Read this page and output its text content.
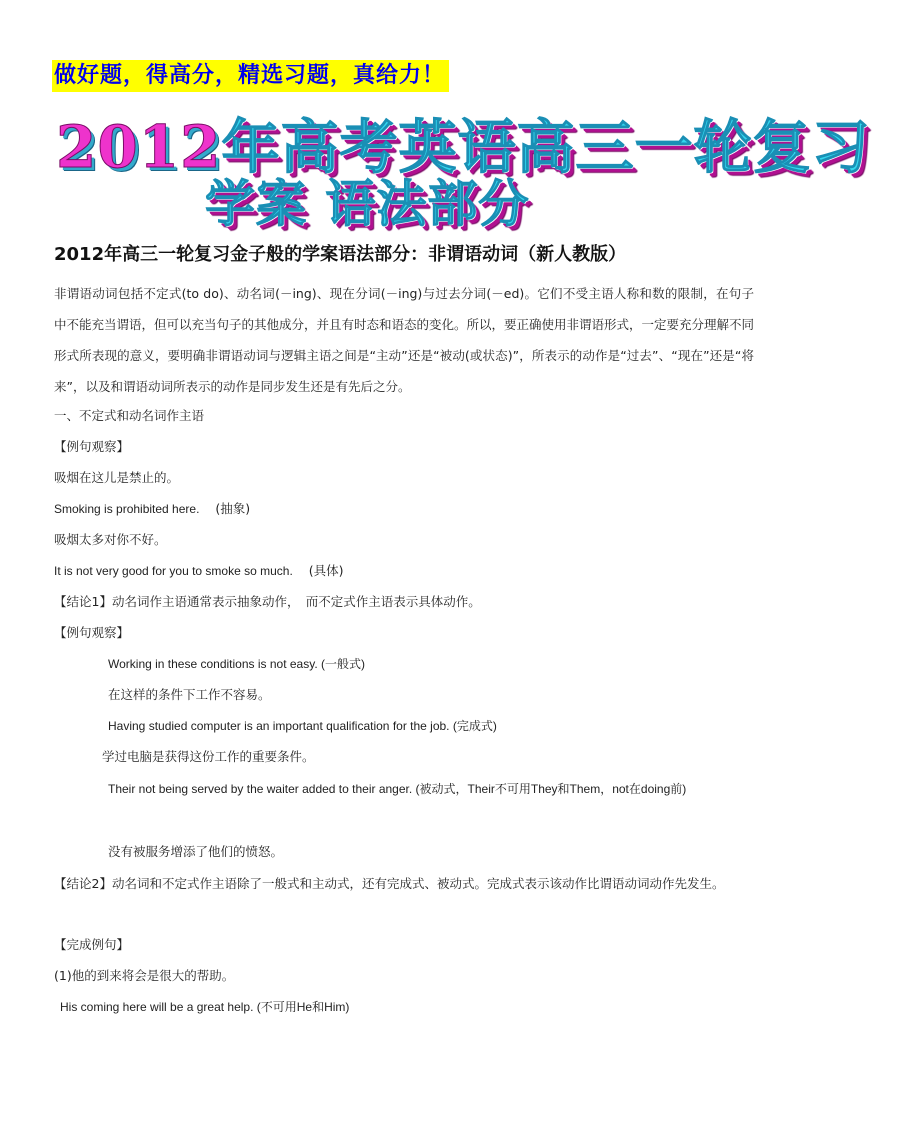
做好题，得高分，精选习题，真给力！
2012年高考英语高三一轮复习
学案 语法部分
2012年高三一轮复习金子般的学案语法部分：非谓语动词（新人教版）
非谓语动词包括不定式(to do)、动名词(－ing)、现在分词(－ing)与过去分词(－ed)。它们不受主语人称和数的限制，在句子中不能充当谓语，但可以充当句子的其他成分，并且有时态和语态的变化。所以，要正确使用非谓语形式，一定要充分理解不同形式所表现的意义，要明确非谓语动词与逻辑主语之间是“主动”还是“被动(或状态)”，所表示的动作是“过去”、“现在”还是“将来”，以及和谓语动词所表示的动作是同步发生还是有先后之分。
一、不定式和动名词作主语
【例句观察】
吸烟在这儿是禁止的。
Smoking is prohibited here. (抽象)
吸烟太多对你不好。
It is not very good for you to smoke so much. (具体)
【结论1】动名词作主语通常表示抽象动作，　而不定式作主语表示具体动作。
【例句观察】
Working in these conditions is not easy. (一般式)
在这样的条件下工作不容易。
Having studied computer is an important qualification for the job. (完成式)
学过电脑是获得这份工作的重要条件。
Their not being served by the waiter added to their anger. (被动式，Their不可用They和Them，not在doing前)
没有被服务增添了他们的愤怒。
【结论2】动名词和不定式作主语除了一般式和主动式，还有完成式、被动式。完成式表示该动作比谓语动词动作先发生。
【完成例句】
(1)他的到来将会是很大的帮助。
His coming here will be a great help. (不可用He和Him)
